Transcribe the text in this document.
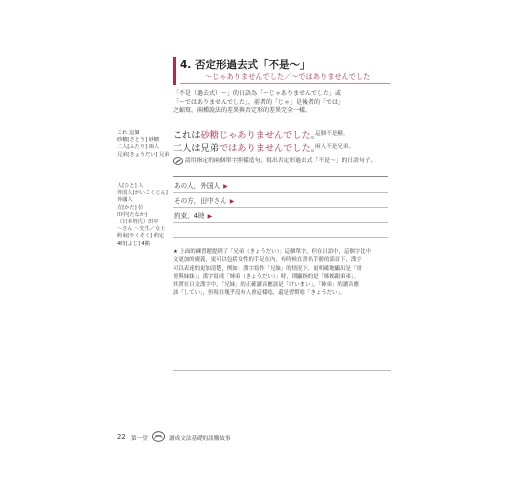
これ 這個
砂糖[さとう] 砂糖
二人[ふたり] 兩人
兄弟[きょうだい] 兄弟
人[ひと] 人
外国人[がいこくじん]
外國人
方[かた] 位
田中[たなか]
（日本姓氏）田中
～さん ～先生／女士
約束[やくそく] 約定
4時[よじ] 4點
4. 否定形過去式「不是～」
～じゃありませんでした／～ではありませんでした
「不是（過去式）～」的日語為「～じゃありませんでした」或
「～ではありませんでした」，前者的「じゃ」是後者的「では」
之縮寫，兩種說法的差異與否定形的差異完全一樣。
これは砂糖じゃありませんでした。
這個不是糖。
二人は兄弟ではありませんでした。
兩人不是兄弟。
請用指定的兩個單字照樣造句，寫出否定形過去式「不是～」的日語句子。
あの人，外国人 ▶
その方，田中さん ▶
約束，4時 ▶
★ 上面的練習題提到了「兄弟（きょうだい）」這個單字，但在日語中，這個字比中
文更加的廣義，更可以包括女性的手足在內，有時候在書名手冊的部首下，漢字
可以表達的更加清楚，例如：漢字寫作「兄妹」的情況下，更明確地顯出是「哥
哥與妹妹」；漢字寫成「姉弟（きょうだい）」時，則顯指的是「姊姊跟弟弟」。
其實在日文漢字中，「兄妹」的正確讀音應該是「けいまい」，「姉弟」的讀音應
該「してい」，但現在幾乎沒有人會這樣唸，還是習慣唸「きょうだい」。
22 第一堂	讀成文法基礎的訊購故事
